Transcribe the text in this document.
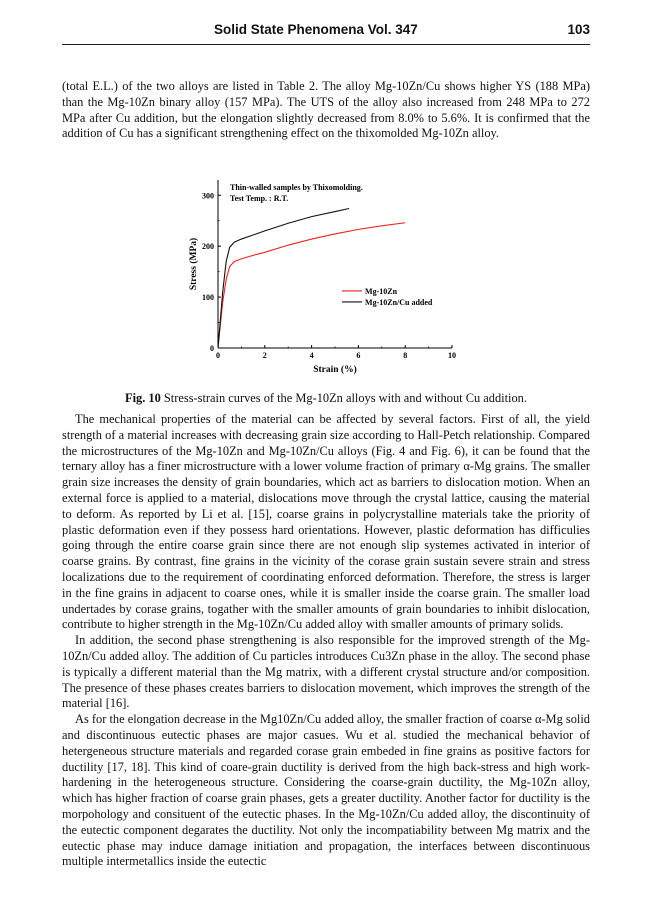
Solid State Phenomena Vol. 347	103

(total E.L.) of the two alloys are listed in Table 2. The alloy Mg-10Zn/Cu shows higher YS (188 MPa) than the Mg-10Zn binary alloy (157 MPa). The UTS of the alloy also increased from 248 MPa to 272 MPa after Cu addition, but the elongation slightly decreased from 8.0% to 5.6%. It is confirmed that the addition of Cu has a significant strengthening effect on the thixomolded Mg-10Zn alloy.

0	2	4	6	8	10
0
100
200
300
Strain (%)
Stress (MPa)
Thin-walled samples by Thixomolding.
Test Temp. : R.T.
Mg-10Zn
Mg-10Zn/Cu added
Fig. 10 Stress-strain curves of the Mg-10Zn alloys with and without Cu addition.

The mechanical properties of the material can be affected by several factors. First of all, the yield strength of a material increases with decreasing grain size according to Hall-Petch relationship. Compared the microstructures of the Mg-10Zn and Mg-10Zn/Cu alloys (Fig. 4 and Fig. 6), it can be found that the ternary alloy has a finer microstructure with a lower volume fraction of primary α-Mg grains. The smaller grain size increases the density of grain boundaries, which act as barriers to dislocation motion. When an external force is applied to a material, dislocations move through the crystal lattice, causing the material to deform. As reported by Li et al. [15], coarse grains in polycrystalline materials take the priority of plastic deformation even if they possess hard orientations. However, plastic deformation has difficulies going through the entire coarse grain since there are not enough slip systemes activated in interior of coarse grains. By contrast, fine grains in the vicinity of the corase grain sustain severe strain and stress localizations due to the requirement of coordinating enforced deformation. Therefore, the stress is larger in the fine grains in adjacent to coarse ones, while it is smaller inside the coarse grain. The smaller load undertades by corase grains, togather with the smaller amounts of grain boundaries to inhibit dislocation, contribute to higher strength in the Mg-10Zn/Cu added alloy with smaller amounts of primary solids.

In addition, the second phase strengthening is also responsible for the improved strength of the Mg-10Zn/Cu added alloy. The addition of Cu particles introduces Cu3Zn phase in the alloy. The second phase is typically a different material than the Mg matrix, with a different crystal structure and/or composition. The presence of these phases creates barriers to dislocation movement, which improves the strength of the material [16].

As for the elongation decrease in the Mg10Zn/Cu added alloy, the smaller fraction of coarse α-Mg solid and discontinuous eutectic phases are major casues. Wu et al. studied the mechanical behavior of hetergeneous structure materials and regarded corase grain embeded in fine grains as positive factors for ductility [17, 18]. This kind of coare-grain ductility is derived from the high back-stress and high work-hardening in the heterogeneous structure. Considering the coarse-grain ductility, the Mg-10Zn alloy, which has higher fraction of coarse grain phases, gets a greater ductility. Another factor for ductility is the morpohology and consituent of the eutectic phases. In the Mg-10Zn/Cu added alloy, the discontinuity of the eutectic component degarates the ductility. Not only the incompatiability between Mg matrix and the eutectic phase may induce damage initiation and propagation, the interfaces between discontinuous multiple intermetallics inside the eutectic
